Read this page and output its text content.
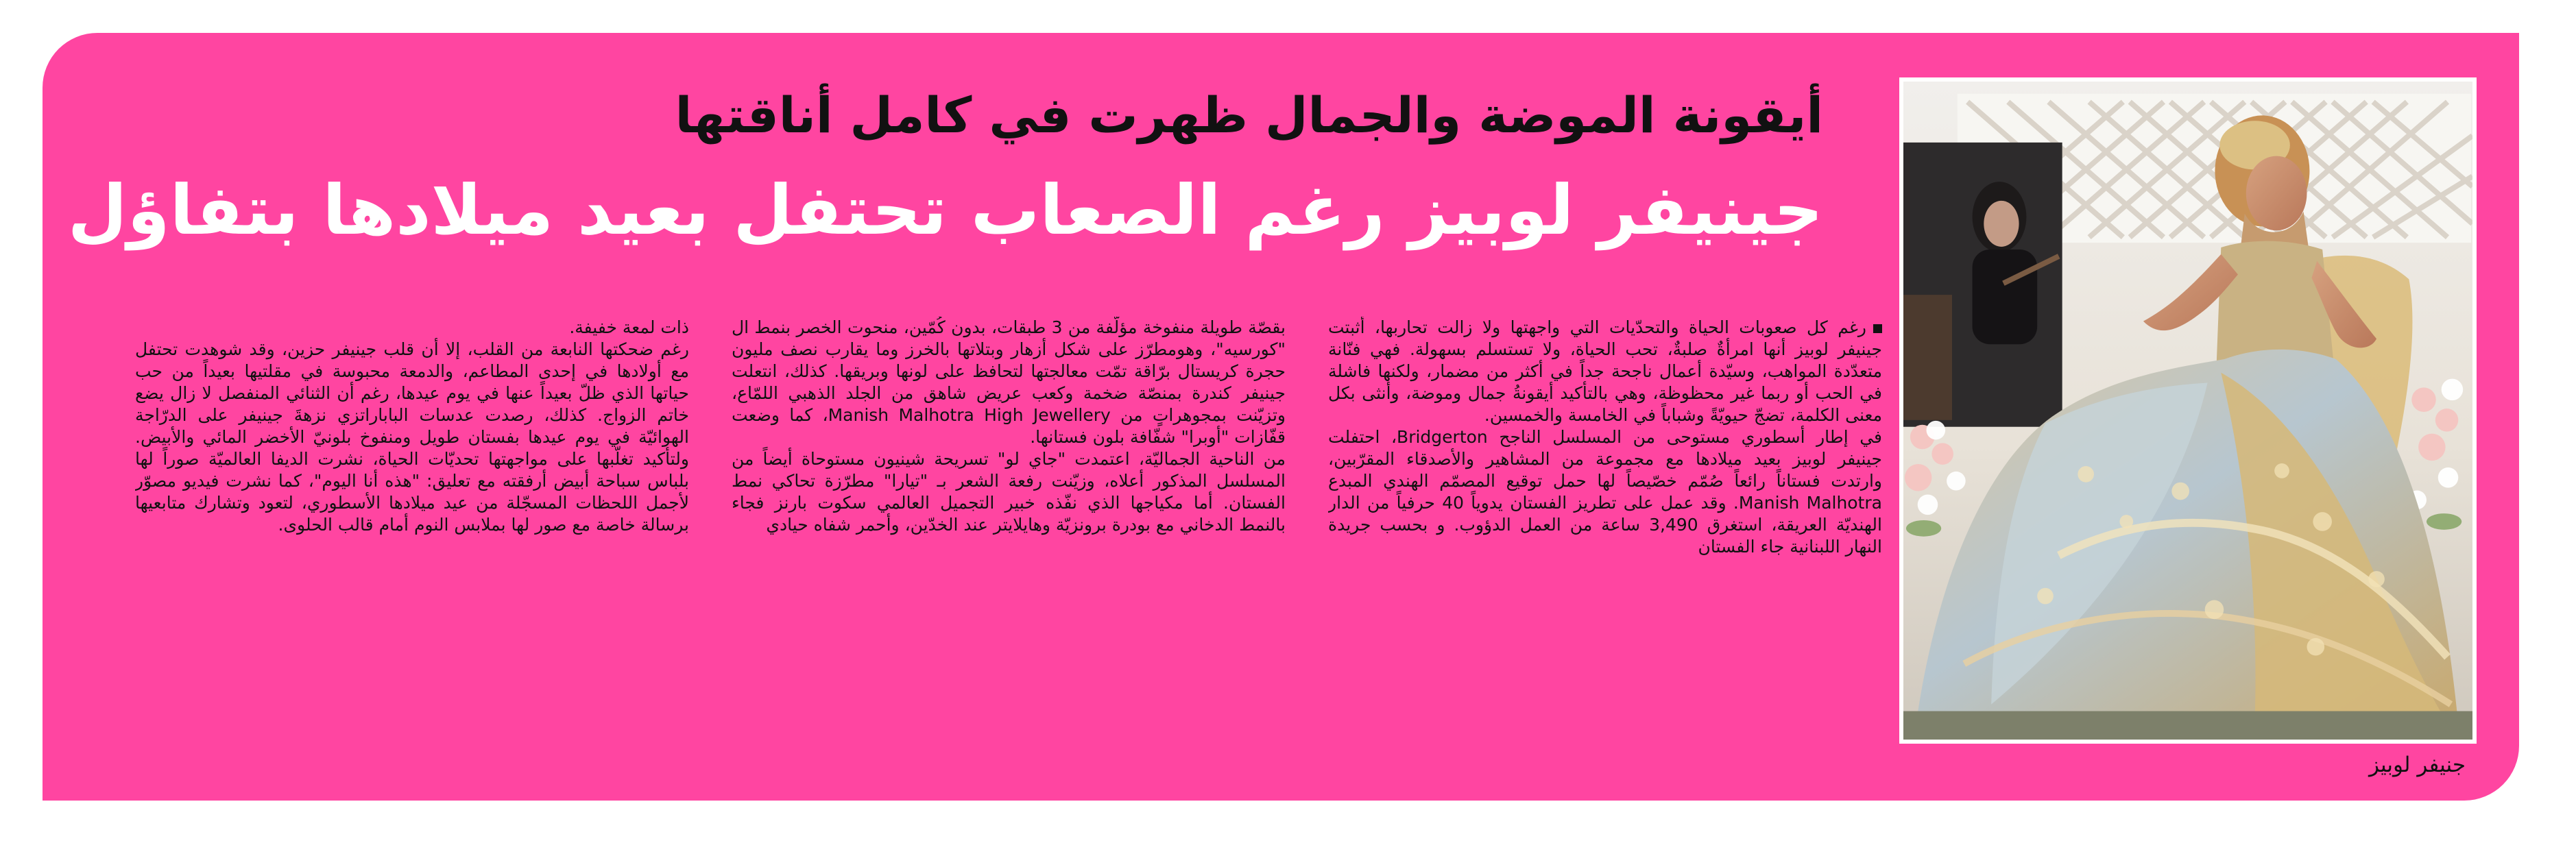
أيقونة الموضة والجمال ظهرت في كامل أناقتها
جينيفر لوبيز رغم الصعاب تحتفل بعيد ميلادها بتفاؤل
جنيفر لوبيز

رغم كل صعوبات الحياة والتحدّيات التي واجهتها ولا زالت تحاربها، أثبتت جينيفر لوبيز أنها امرأةٌ صلبةٌ، تحب الحياة، ولا تستسلم بسهولة. فهي فنّانة متعدّدة المواهب، وسيّدة أعمال ناجحة جداً في أكثر من مضمار، ولكنها فاشلة في الحب أو ربما غير محظوظة، وهي بالتأكيد أيقونةُ جمال وموضة، وأنثى بكل معنى الكلمة، تضجّ حيويّةً وشباباً في الخامسة والخمسين.

في إطار أسطوري مستوحى من المسلسل الناجح Bridgerton، احتفلت جينيفر لوبيز بعيد ميلادها مع مجموعة من المشاهير والأصدقاء المقرّبين، وارتدت فستاناً رائعاً صُمّم خصّيصاً لها حمل توقيع المصمّم الهندي المبدع Manish Malhotra. وقد عمل على تطريز الفستان يدوياً 40 حرفياً من الدار الهنديّة العريقة، استغرق 3,490 ساعة من العمل الدؤوب. و بحسب جريدة النهار اللبنانية جاء الفستان

بقصّة طويلة منفوخة مؤلّفة من 3 طبقات، بدون كُمّين، منحوت الخصر بنمط ال "كورسيه"، وهومطرّز على شكل أزهار وبتلاتها بالخرز وما يقارب نصف مليون حجرة كريستال برّاقة تمّت معالجتها لتحافظ على لونها وبريقها. كذلك، انتعلت جينيفر كندرة بمنصّة ضخمة وكعب عريض شاهق من الجلد الذهبي اللمّاع، وتزيّنت بمجوهراتٍ من Manish Malhotra High Jewellery، كما وضعت قفّازات "أوبرا" شفّافة بلون فستانها.

من الناحية الجماليّة، اعتمدت "جاي لو" تسريحة شينيون مستوحاة أيضاً من المسلسل المذكور أعلاه، وزيّنت رفعة الشعر بـ "تيارا" مطرّزة تحاكي نمط الفستان. أما مكياجها الذي نفّذه خبير التجميل العالمي سكوت بارنز فجاء بالنمط الدخاني مع بودرة برونزيّة وهايلايتر عند الخدّين، وأحمر شفاه حيادي

ذات لمعة خفيفة.

رغم ضحكتها النابعة من القلب، إلا أن قلب جينيفر حزين، وقد شوهدت تحتفل مع أولادها في إحدى المطاعم، والدمعة محبوسة في مقلتيها بعيداً من حب حياتها الذي ظلّ بعيداً عنها في يوم عيدها، رغم أن الثنائي المنفصل لا زال يضع خاتم الزواج. كذلك، رصدت عدسات الباباراتزي نزهةَ جينيفر على الدرّاجة الهوائيّة في يوم عيدها بفستان طويل ومنفوخ بلونيّ الأخضر المائي والأبيض. ولتأكيد تغلّبها على مواجهتها تحديّات الحياة، نشرت الديفا العالميّة صوراً لها بلباس سباحة أبيض أرفقته مع تعليق: "هذه أنا اليوم"، كما نشرت فيديو مصوّر لأجمل اللحظات المسجّلة من عيد ميلادها الأسطوري، لتعود وتشارك متابعيها برسالة خاصة مع صور لها بملابس النوم أمام قالب الحلوى.
